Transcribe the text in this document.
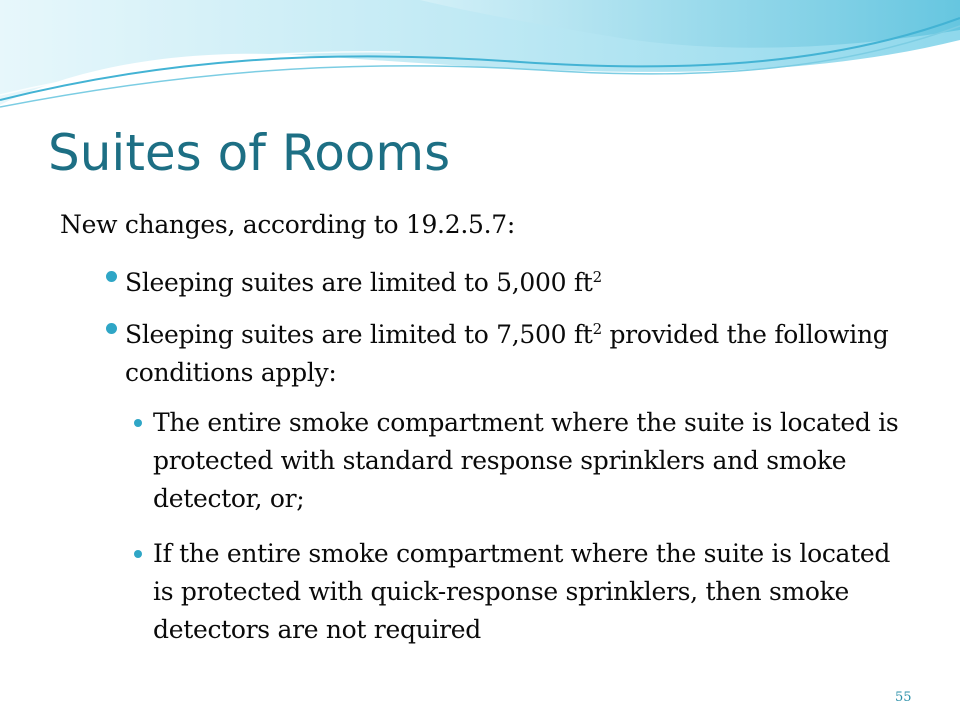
Suites of Rooms

New changes, according to 19.2.5.7:

Sleeping suites are limited to 5,000 $ft^2$
Sleeping suites are limited to 7,500 $ft^2$ provided the following conditions apply:
The entire smoke compartment where the suite is located is protected with standard response sprinklers and smoke detector, or;
If the entire smoke compartment where the suite is located is protected with quick-response sprinklers, then smoke detectors are not required
55
